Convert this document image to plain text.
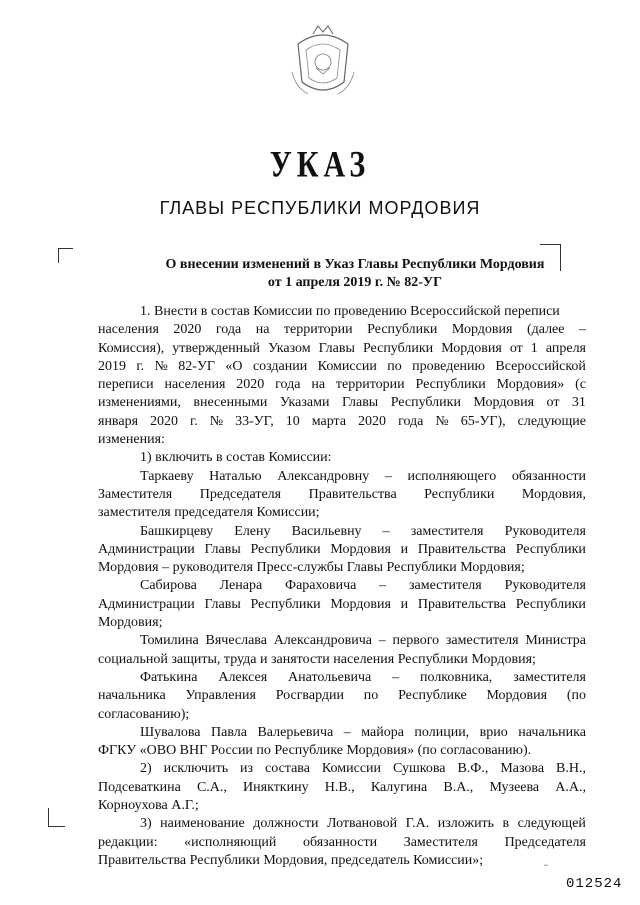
УКАЗ
ГЛАВЫ РЕСПУБЛИКИ МОРДОВИЯ
О внесении изменений в Указ Главы Республики Мордовия
от 1 апреля 2019 г. № 82-УГ
1. Внести в состав Комиссии по проведению Всероссийской переписи
населения 2020 года на территории Республики Мордовия (далее –
Комиссия), утвержденный Указом Главы Республики Мордовия от 1 апреля
2019 г. № 82-УГ «О создании Комиссии по проведению Всероссийской
переписи населения 2020 года на территории Республики Мордовия» (с
изменениями, внесенными Указами Главы Республики Мордовия от 31
января 2020 г. № 33-УГ, 10 марта 2020 года № 65-УГ), следующие
изменения:
1) включить в состав Комиссии:
Таркаеву Наталью Александровну – исполняющего обязанности
Заместителя Председателя Правительства Республики Мордовия,
заместителя председателя Комиссии;
Башкирцеву Елену Васильевну – заместителя Руководителя
Администрации Главы Республики Мордовия и Правительства Республики
Мордовия – руководителя Пресс-службы Главы Республики Мордовия;
Сабирова Ленара Фараховича – заместителя Руководителя
Администрации Главы Республики Мордовия и Правительства Республики
Мордовия;
Томилина Вячеслава Александровича – первого заместителя Министра
социальной защиты, труда и занятости населения Республики Мордовия;
Фатькина Алексея Анатольевича – полковника, заместителя
начальника Управления Росгвардии по Республике Мордовия (по
согласованию);
Шувалова Павла Валерьевича – майора полиции, врио начальника
ФГКУ «ОВО ВНГ России по Республике Мордовия» (по согласованию).
2) исключить из состава Комиссии Сушкова В.Ф., Мазова В.Н.,
Подсеваткина С.А., Инякткину Н.В., Калугина В.А., Музеева А.А.,
Корноухова А.Г.;
3) наименование должности Лотвановой Г.А. изложить в следующей
редакции: «исполняющий обязанности Заместителя Председателя
Правительства Республики Мордовия, председатель Комиссии»;	~
012524
